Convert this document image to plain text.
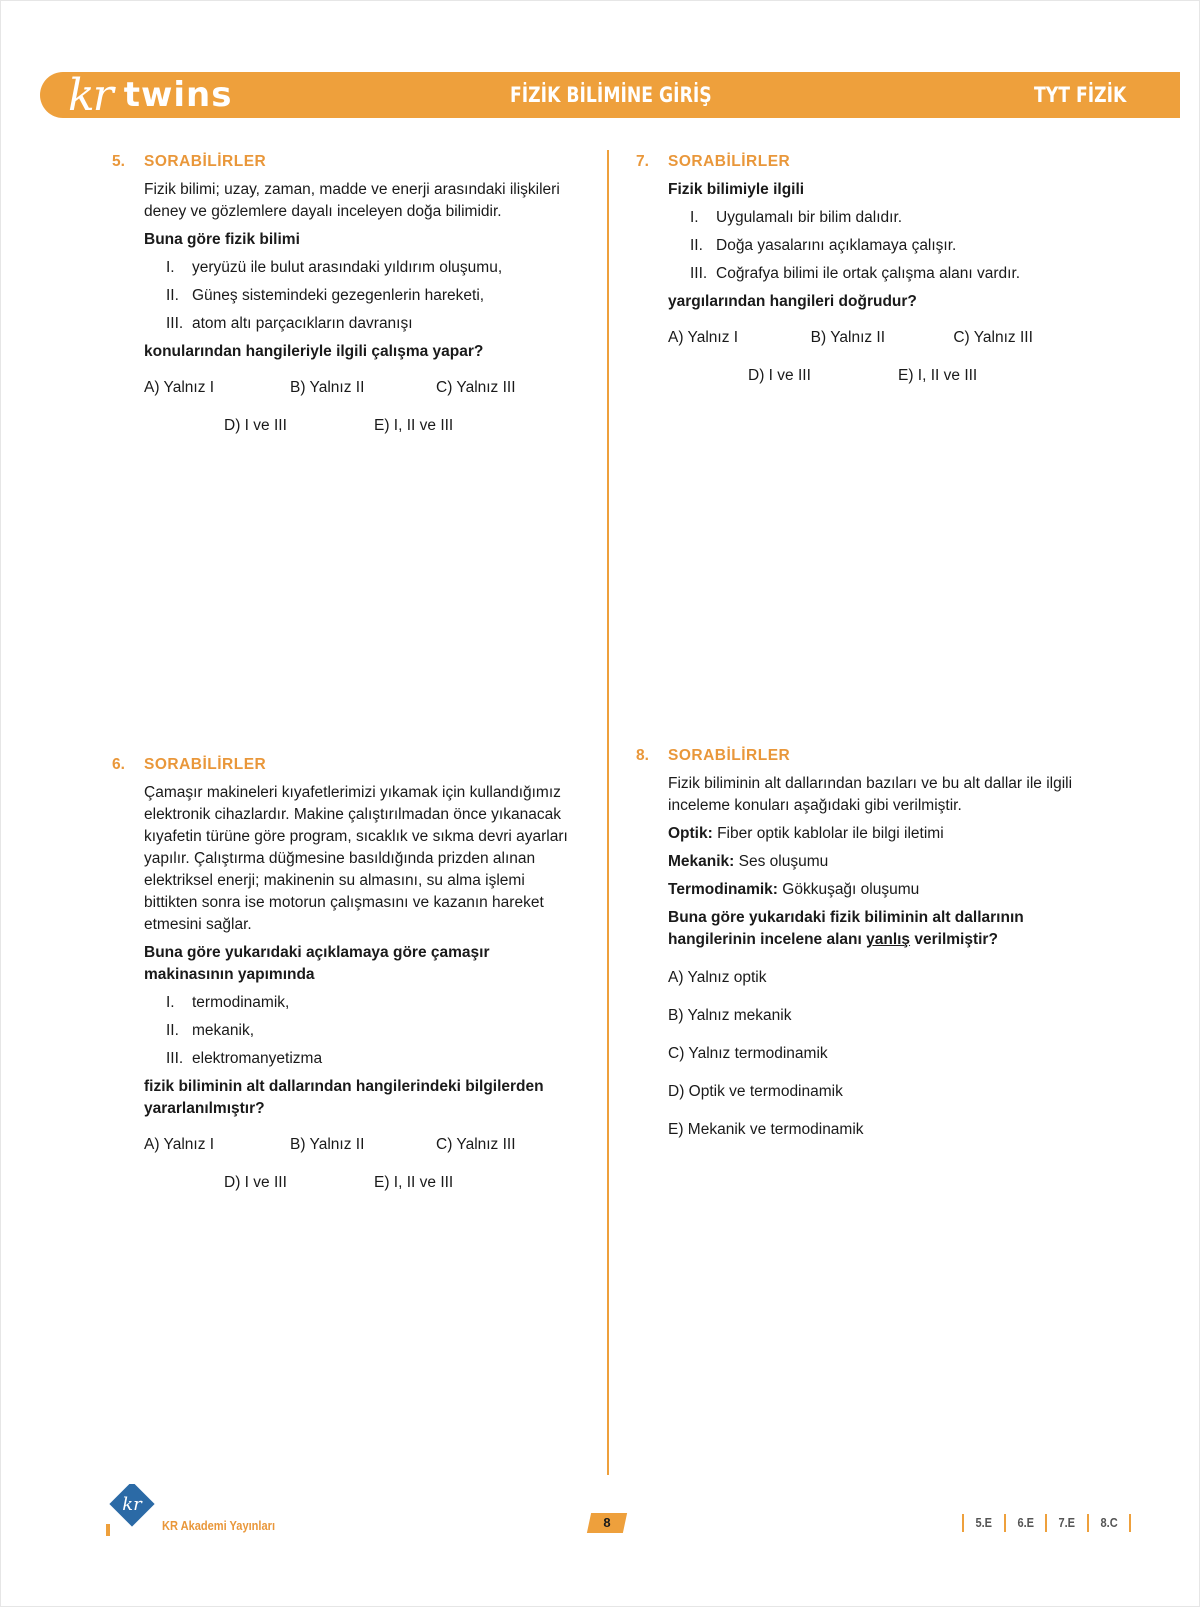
kr twins	FİZİK BİLİMİNE GİRİŞ	TYT FİZİK
5.	SORABİLİRLER
Fizik bilimi; uzay, zaman, madde ve enerji arasındaki ilişkileri deney ve gözlemlere dayalı inceleyen doğa bilimidir.
Buna göre fizik bilimi
I. yeryüzü ile bulut arasındaki yıldırım oluşumu,
II. Güneş sistemindeki gezegenlerin hareketi,
III. atom altı parçacıkların davranışı
konularından hangileriyle ilgili çalışma yapar?
A) Yalnız I	B) Yalnız II	C) Yalnız III
D) I ve III	E) I, II ve III
7.	SORABİLİRLER
Fizik bilimiyle ilgili
I. Uygulamalı bir bilim dalıdır.
II. Doğa yasalarını açıklamaya çalışır.
III. Coğrafya bilimi ile ortak çalışma alanı vardır.
yargılarından hangileri doğrudur?
A) Yalnız I	B) Yalnız II	C) Yalnız III
D) I ve III	E) I, II ve III
6.	SORABİLİRLER
Çamaşır makineleri kıyafetlerimizi yıkamak için kullandığımız elektronik cihazlardır. Makine çalıştırılmadan önce yıkanacak kıyafetin türüne göre program, sıcaklık ve sıkma devri ayarları yapılır. Çalıştırma düğmesine basıldığında prizden alınan elektriksel enerji; makinenin su almasını, su alma işlemi bittikten sonra ise motorun çalışmasını ve kazanın hareket etmesini sağlar.
Buna göre yukarıdaki açıklamaya göre çamaşır makinasının yapımında
I. termodinamik,
II. mekanik,
III. elektromanyetizma
fizik biliminin alt dallarından hangilerindeki bilgilerden yararlanılmıştır?
A) Yalnız I	B) Yalnız II	C) Yalnız III
D) I ve III	E) I, II ve III
8.	SORABİLİRLER
Fizik biliminin alt dallarından bazıları ve bu alt dallar ile ilgili inceleme konuları aşağıdaki gibi verilmiştir.
Optik: Fiber optik kablolar ile bilgi iletimi
Mekanik: Ses oluşumu
Termodinamik: Gökkuşağı oluşumu
Buna göre yukarıdaki fizik biliminin alt dallarının hangilerinin incelene alanı yanlış verilmiştir?
A) Yalnız optik
B) Yalnız mekanik
C) Yalnız termodinamik
D) Optik ve termodinamik
E) Mekanik ve termodinamik
kr
KR Akademi Yayınları	8	5.E 6.E 7.E 8.C
